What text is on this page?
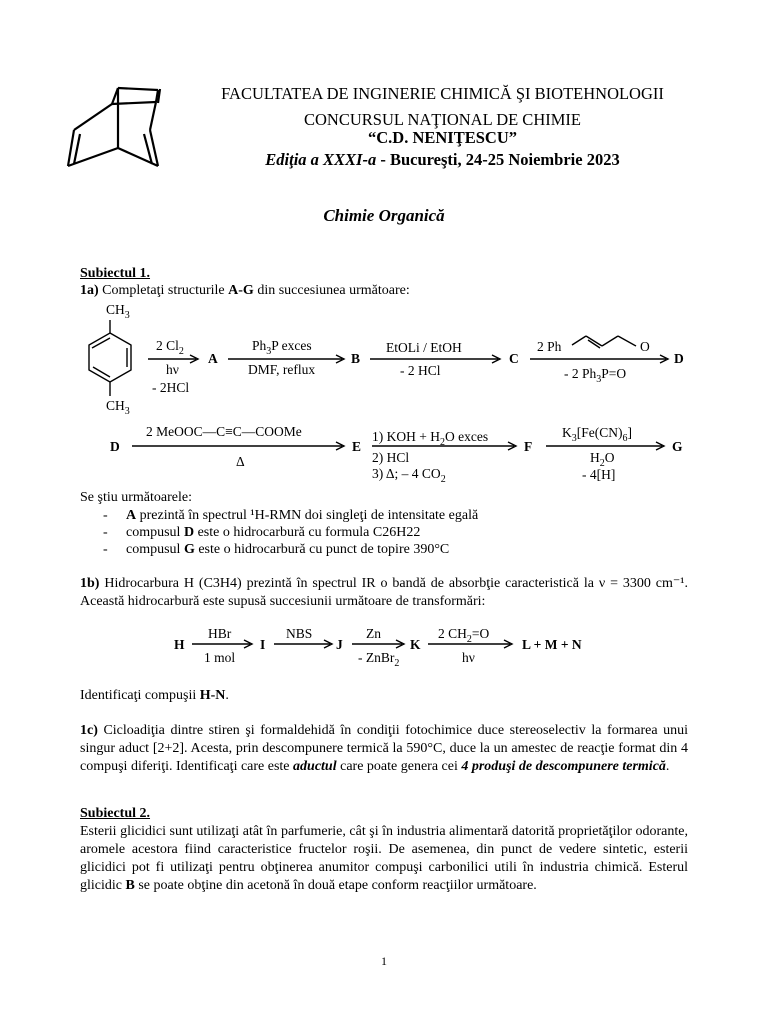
FACULTATEA DE INGINERIE CHIMICĂ ŞI BIOTEHNOLOGII
CONCURSUL NAŢIONAL DE CHIMIE
“C.D. NENIŢESCU”
Ediţia a XXXI-a - Bucureşti, 24-25 Noiembrie 2023
Chimie Organică
Subiectul 1.
1a) Completaţi structurile A-G din succesiunea următoare:
$CH_3$
$CH_3$
2 $Cl_2$
hν
- 2HCl
A
$Ph_3P$ exces
DMF, reflux
B
EtOLi / EtOH
- 2 HCl
C
2 Ph	O
- 2 $Ph_3P=O$
D
D
2 MeOOC—C≡C—COOMe
Δ
E
1) KOH + $H_2O$ exces
2) HCl
3) Δ; – 4 $CO_2$
F
$K_3[Fe(CN)_6]$
$H_2O$
- 4[H]
G
Se ştiu următoarele:
- A prezintă în spectrul ¹H-RMN doi singleţi de intensitate egală
- compusul D este o hidrocarbură cu formula C26H22
- compusul G este o hidrocarbură cu punct de topire 390°C
1b) Hidrocarbura H (C3H4) prezintă în spectrul IR o bandă de absorbţie caracteristică la ν = 3300 cm⁻¹. Această hidrocarbură este supusă succesiunii următoare de transformări:
H
HBr
1 mol
I
NBS
J
Zn
- ZnBr$_2$
K
2 $CH_2=O$
hν
L + M + N
Identificaţi compuşii H-N.
1c) Cicloadiţia dintre stiren şi formaldehidă în condiţii fotochimice duce stereoselectiv la formarea unui singur aduct [2+2]. Acesta, prin descompunere termică la 590°C, duce la un amestec de reacţie format din 4 compuşi diferiţi. Identificaţi care este aductul care poate genera cei 4 produşi de descompunere termică.
Subiectul 2.
Esterii glicidici sunt utilizaţi atât în parfumerie, cât şi în industria alimentară datorită proprietăţilor odorante, aromele acestora fiind caracteristice fructelor roşii. De asemenea, din punct de vedere sintetic, esterii glicidici pot fi utilizaţi pentru obţinerea anumitor compuşi carbonilici utili în industria chimică. Esterul glicidic B se poate obţine din acetonă în două etape conform reacţiilor următoare.
1
